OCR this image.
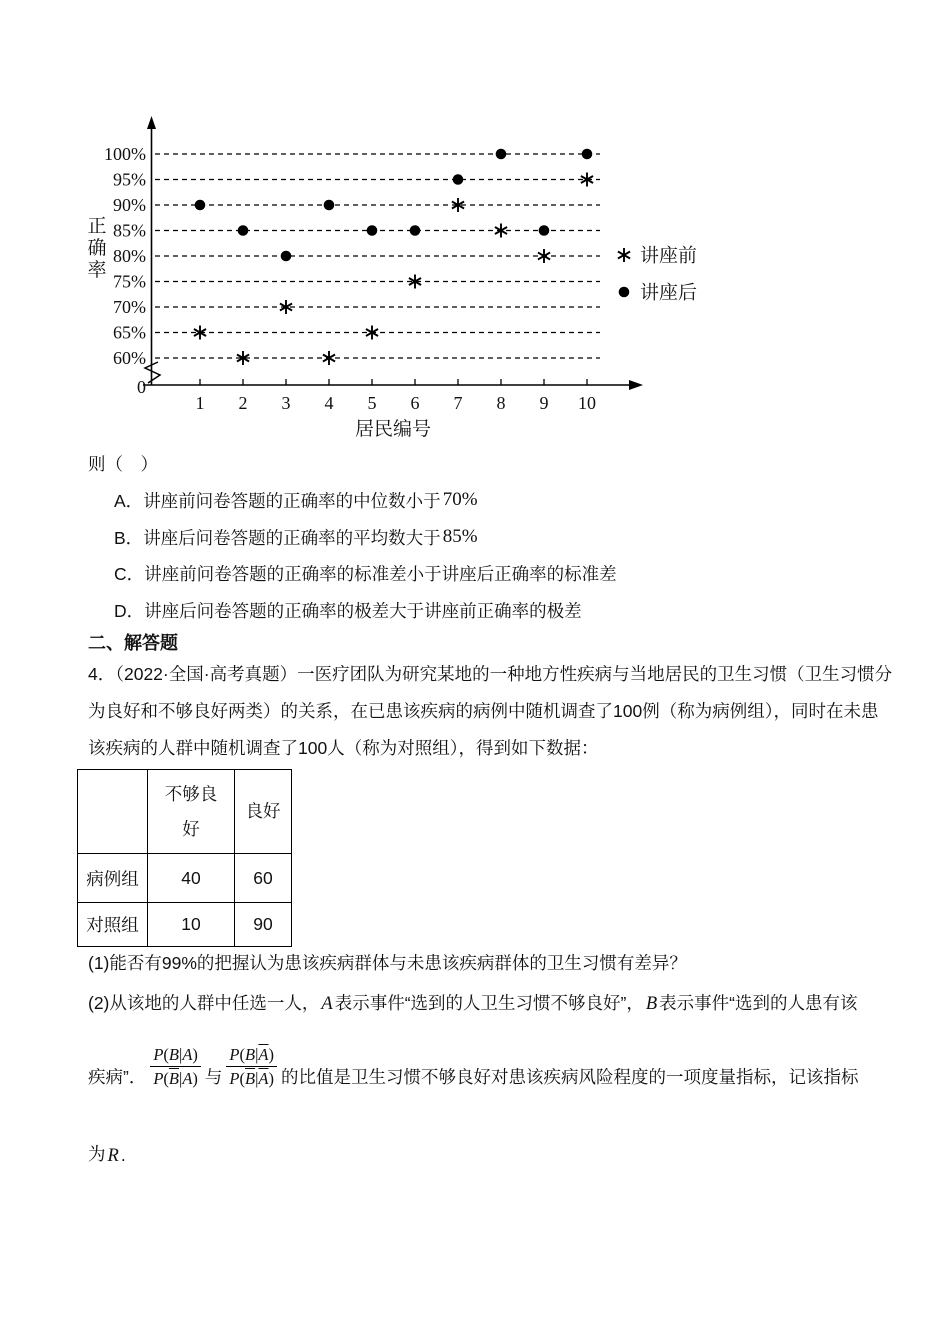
100%
95%
90%
85%
80%
75%
70%
65%
60%
0
1 2 3 4 5 6 7 8 9 10
居民编号
正
确
率
讲座前
讲座后
则（　）
A．讲座前问卷答题的正确率的中位数小于 70%
B．讲座后问卷答题的正确率的平均数大于 85%
C．讲座前问卷答题的正确率的标准差小于讲座后正确率的标准差
D．讲座后问卷答题的正确率的极差大于讲座前正确率的极差
二、解答题
4．（2022·全国·高考真题）一医疗团队为研究某地的一种地方性疾病与当地居民的卫生习惯（卫生习惯分
为良好和不够良好两类）的关系，在已患该疾病的病例中随机调查了100例（称为病例组），同时在未患
该疾病的人群中随机调查了100人（称为对照组），得到如下数据：
	不够良
好	良好
病例组	40	60
对照组	10	90
(1)能否有99%的把握认为患该疾病群体与未患该疾病群体的卫生习惯有差异？
(2)从该地的人群中任选一人， A 表示事件“选到的人卫生习惯不够良好”， B 表示事件“选到的人患有该
疾病”． $\frac{P(B|A)}{P(\overline{B}|A)}$ 与 $\frac{P(B|\overline{A})}{P(\overline{B}|\overline{A})}$ 的比值是卫生习惯不够良好对患该疾病风险程度的一项度量指标，记该指标
为 R .
